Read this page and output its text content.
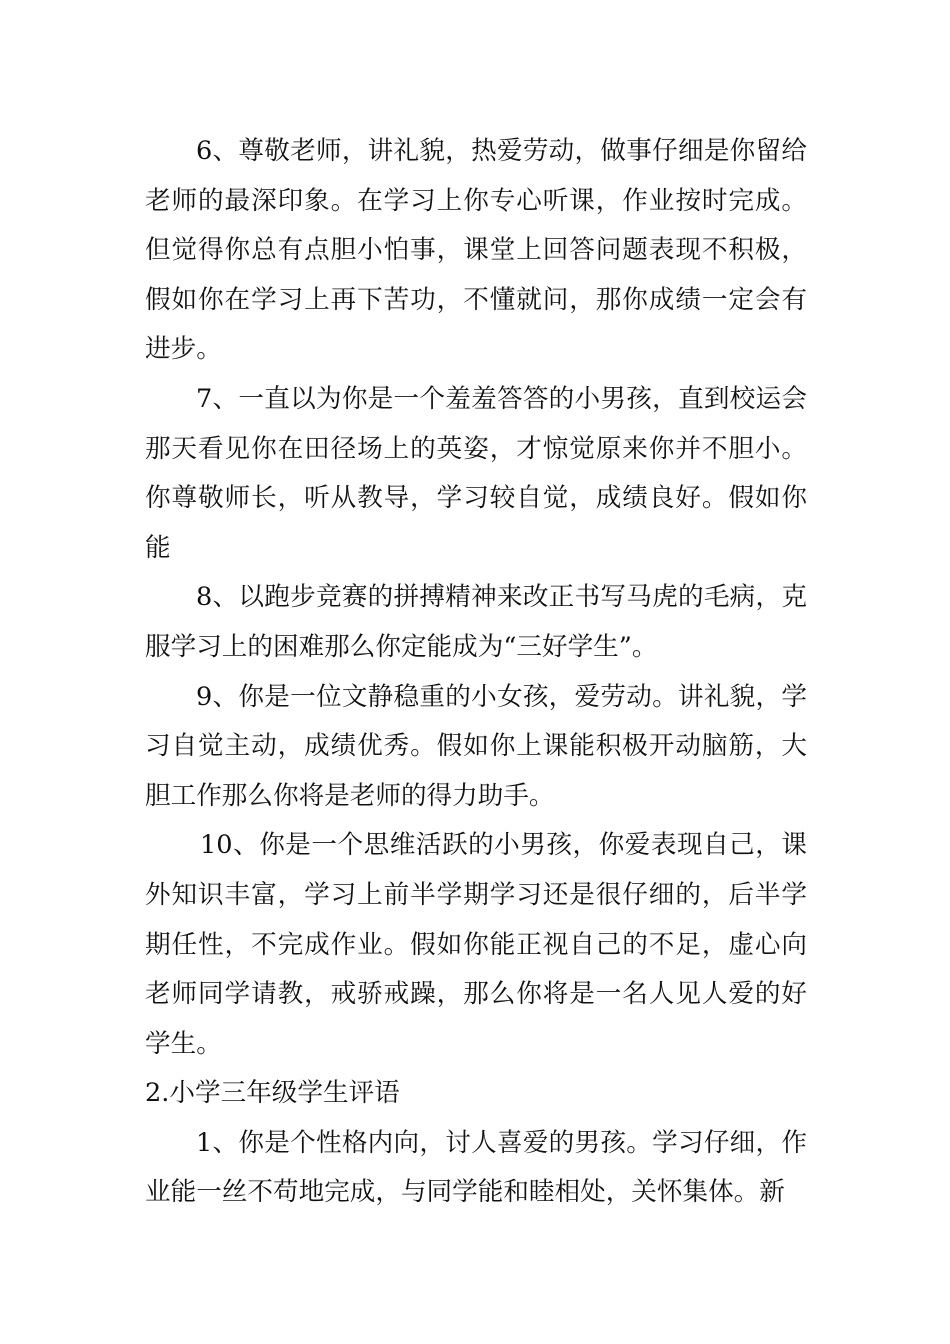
6、尊敬老师，讲礼貌，热爱劳动，做事仔细是你留给老师的最深印象。在学习上你专心听课，作业按时完成。但觉得你总有点胆小怕事，课堂上回答问题表现不积极，假如你在学习上再下苦功，不懂就问，那你成绩一定会有进步。

7、一直以为你是一个羞羞答答的小男孩，直到校运会那天看见你在田径场上的英姿，才惊觉原来你并不胆小。你尊敬师长，听从教导，学习较自觉，成绩良好。假如你能

8、以跑步竞赛的拼搏精神来改正书写马虎的毛病，克服学习上的困难那么你定能成为“三好学生”。

9、你是一位文静稳重的小女孩，爱劳动。讲礼貌，学习自觉主动，成绩优秀。假如你上课能积极开动脑筋，大胆工作那么你将是老师的得力助手。

10、你是一个思维活跃的小男孩，你爱表现自己，课外知识丰富，学习上前半学期学习还是很仔细的，后半学期任性，不完成作业。假如你能正视自己的不足，虚心向老师同学请教，戒骄戒躁，那么你将是一名人见人爱的好学生。

2.小学三年级学生评语

1、你是个性格内向，讨人喜爱的男孩。学习仔细，作业能一丝不苟地完成，与同学能和睦相处，关怀集体。新
